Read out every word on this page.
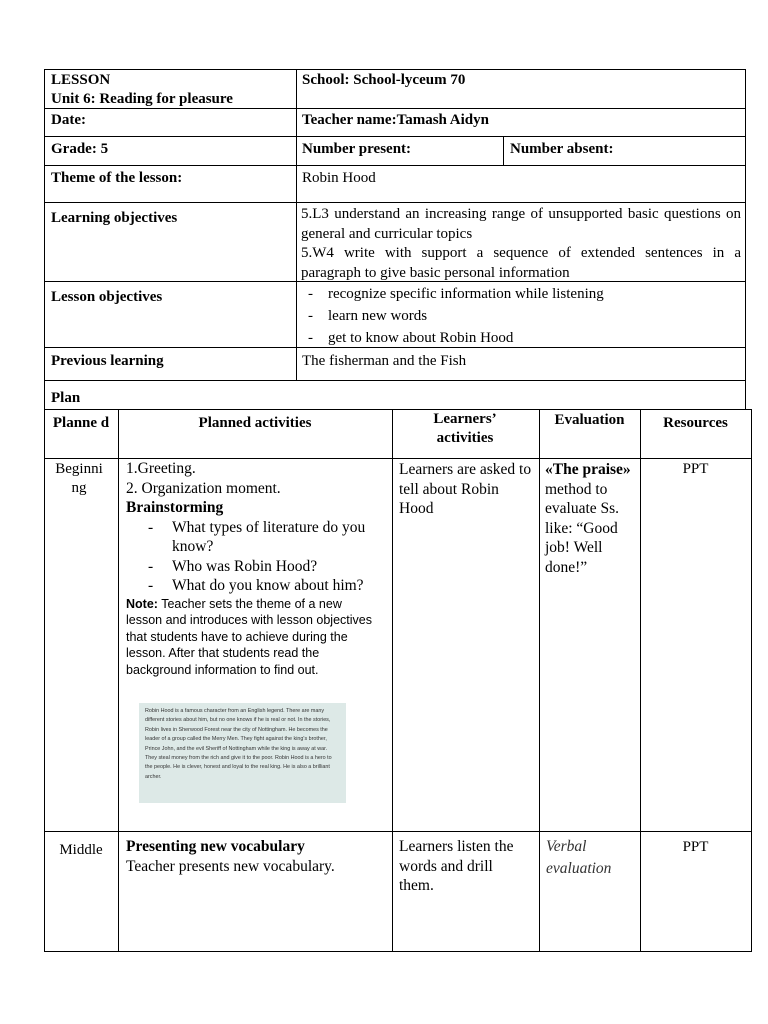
LESSON
Unit 6: Reading for pleasure
School: School-lyceum 70
Date:	Teacher name:Tamash Aidyn
Grade: 5	Number present:	Number absent:
Theme of the lesson:	Robin Hood
Learning objectives	5.L3 understand an increasing range of unsupported basic questions on general and curricular topics
5.W4 write with support a sequence of extended sentences in a paragraph to give basic personal information
Lesson objectives
-	recognize specific information while listening
- learn new words
- get to know about Robin Hood
Previous learning	The fisherman and the Fish
Plan
Planne d	Planned activities	Learners’ activities
Evaluation	Resources
Beginni ng
1.Greeting.
2. Organization moment.
Brainstorming
- What types of literature do you know?
- Who was Robin Hood?
- What do you know about him?
Note: Teacher sets the theme of a new lesson and introduces with lesson objectives that students have to achieve during the lesson. After that students read the background information to find out.
Robin Hood is a famous character from an English legend. There are many different stories about him, but no one knows if he is real or not. In the stories, Robin lives in Sherwood Forest near the city of Nottingham. He becomes the leader of a group called the Merry Men. They fight against the king's brother, Prince John, and the evil Sheriff of Nottingham while the king is away at war. They steal money from the rich and give it to the poor. Robin Hood is a hero to the people. He is clever, honest and loyal to the real king. He is also a brilliant archer.
Learners are asked to tell about Robin Hood
«The praise»
method to evaluate Ss. like: “Good job! Well done!”
PPT
Middle	Presenting new vocabulary
Teacher presents new vocabulary.
Learners listen the words and drill them.
Verbal evaluation
PPT
